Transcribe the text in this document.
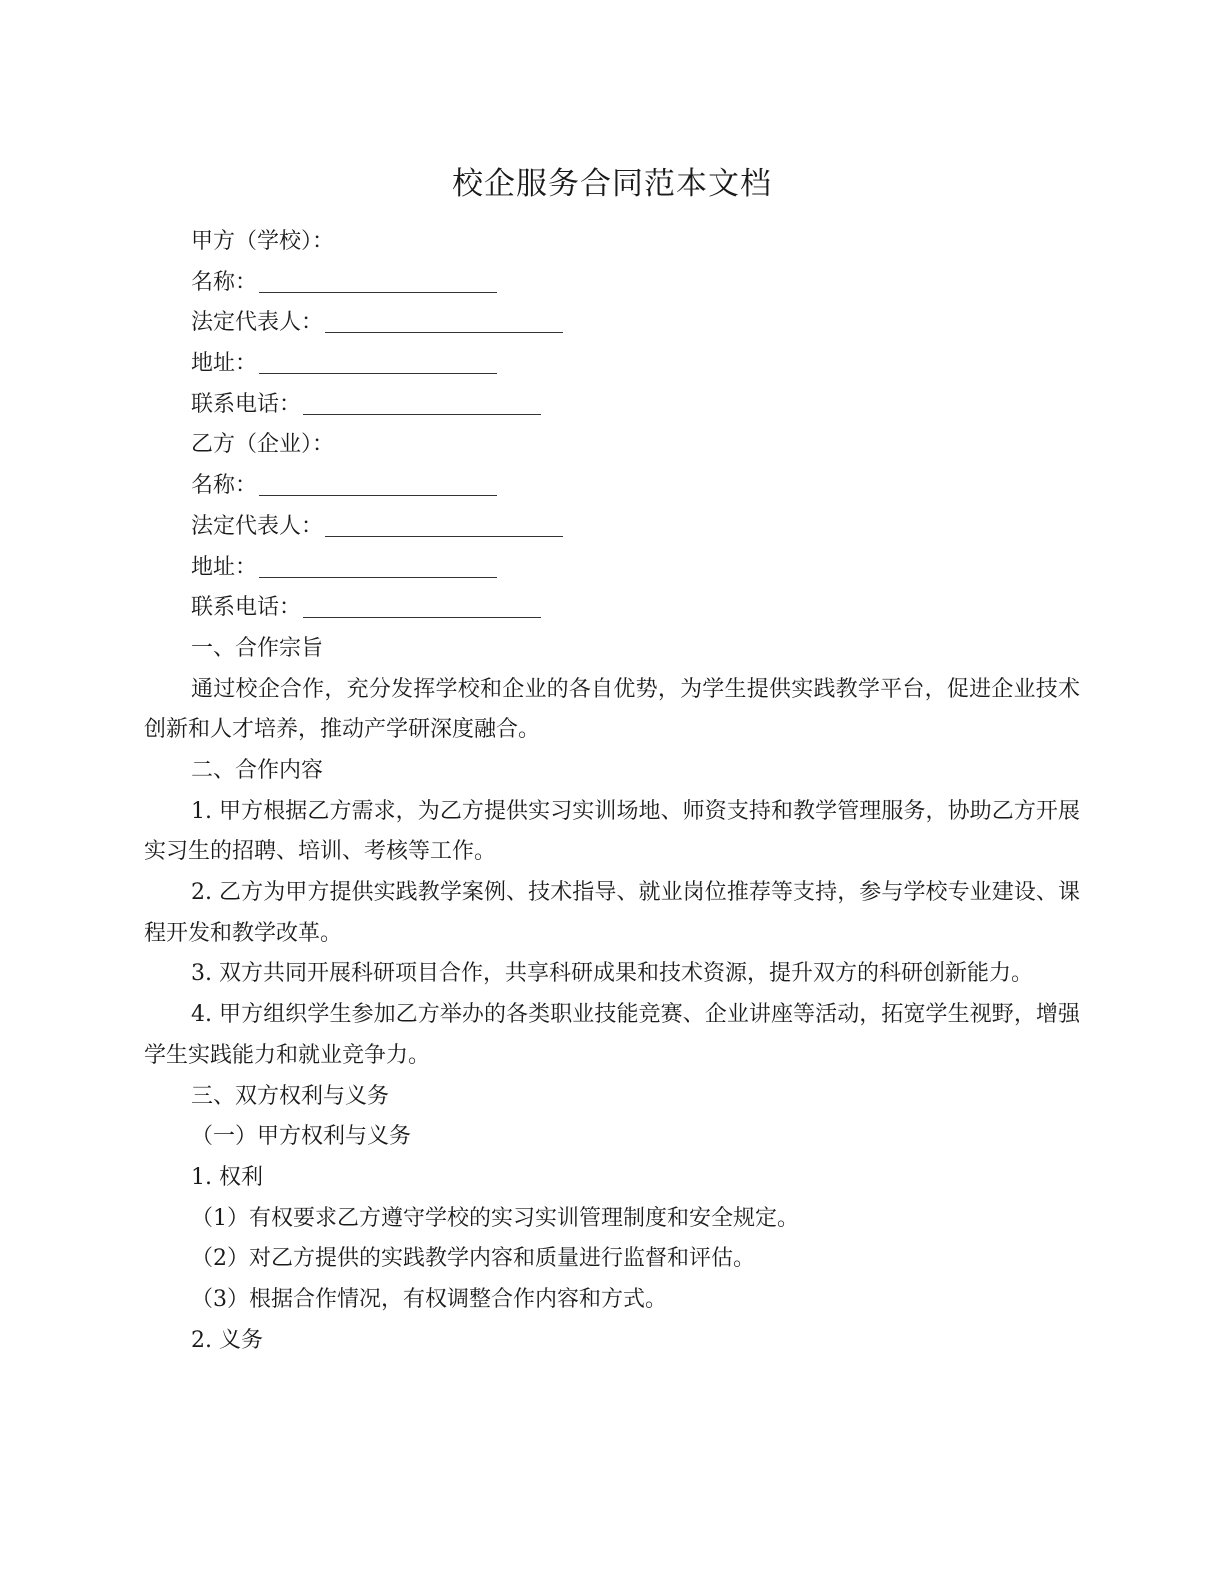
校企服务合同范本文档
甲方（学校）：
名称：
法定代表人：
地址：
联系电话：
乙方（企业）：
名称：
法定代表人：
地址：
联系电话：
一、合作宗旨
通过校企合作，充分发挥学校和企业的各自优势，为学生提供实践教学平台，促进企业技术创新和人才培养，推动产学研深度融合。
二、合作内容
1. 甲方根据乙方需求，为乙方提供实习实训场地、师资支持和教学管理服务，协助乙方开展实习生的招聘、培训、考核等工作。
2. 乙方为甲方提供实践教学案例、技术指导、就业岗位推荐等支持，参与学校专业建设、课程开发和教学改革。
3. 双方共同开展科研项目合作，共享科研成果和技术资源，提升双方的科研创新能力。
4. 甲方组织学生参加乙方举办的各类职业技能竞赛、企业讲座等活动，拓宽学生视野，增强学生实践能力和就业竞争力。
三、双方权利与义务
（一）甲方权利与义务
1. 权利
（1）有权要求乙方遵守学校的实习实训管理制度和安全规定。
（2）对乙方提供的实践教学内容和质量进行监督和评估。
（3）根据合作情况，有权调整合作内容和方式。
2. 义务
